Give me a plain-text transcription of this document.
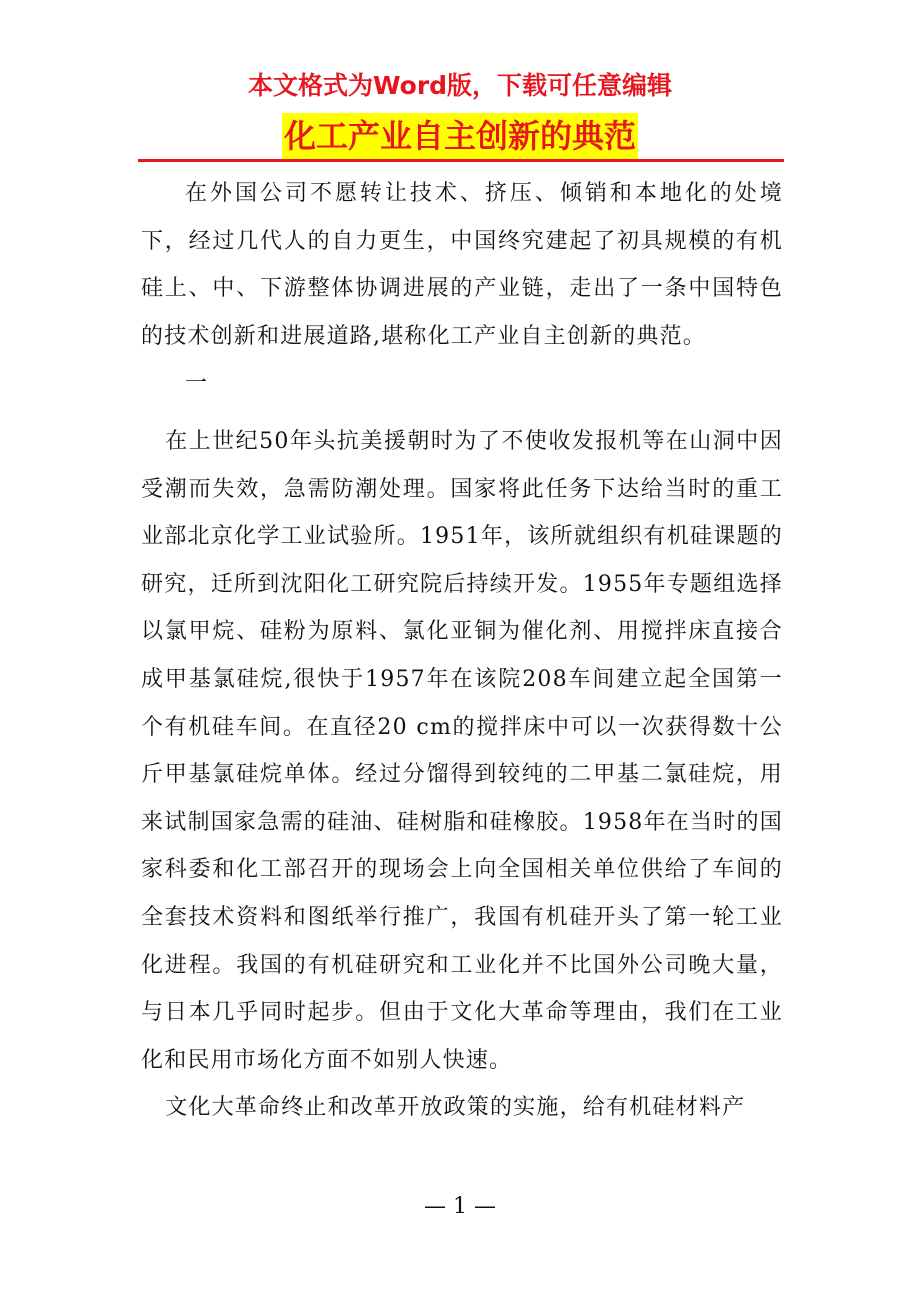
本文格式为Word版，下载可任意编辑
化工产业自主创新的典范

在外国公司不愿转让技术、挤压、倾销和本地化的处境下，经过几代人的自力更生，中国终究建起了初具规模的有机硅上、中、下游整体协调进展的产业链，走出了一条中国特色的技术创新和进展道路,堪称化工产业自主创新的典范。

一

在上世纪50年头抗美援朝时为了不使收发报机等在山洞中因受潮而失效，急需防潮处理。国家将此任务下达给当时的重工业部北京化学工业试验所。1951年，该所就组织有机硅课题的研究，迁所到沈阳化工研究院后持续开发。1955年专题组选择以氯甲烷、硅粉为原料、氯化亚铜为催化剂、用搅拌床直接合成甲基氯硅烷,很快于1957年在该院208车间建立起全国第一个有机硅车间。在直径20 cm的搅拌床中可以一次获得数十公斤甲基氯硅烷单体。经过分馏得到较纯的二甲基二氯硅烷，用来试制国家急需的硅油、硅树脂和硅橡胶。1958年在当时的国家科委和化工部召开的现场会上向全国相关单位供给了车间的全套技术资料和图纸举行推广，我国有机硅开头了第一轮工业化进程。我国的有机硅研究和工业化并不比国外公司晚大量，与日本几乎同时起步。但由于文化大革命等理由，我们在工业化和民用市场化方面不如别人快速。

文化大革命终止和改革开放政策的实施，给有机硅材料产

— 1 —
